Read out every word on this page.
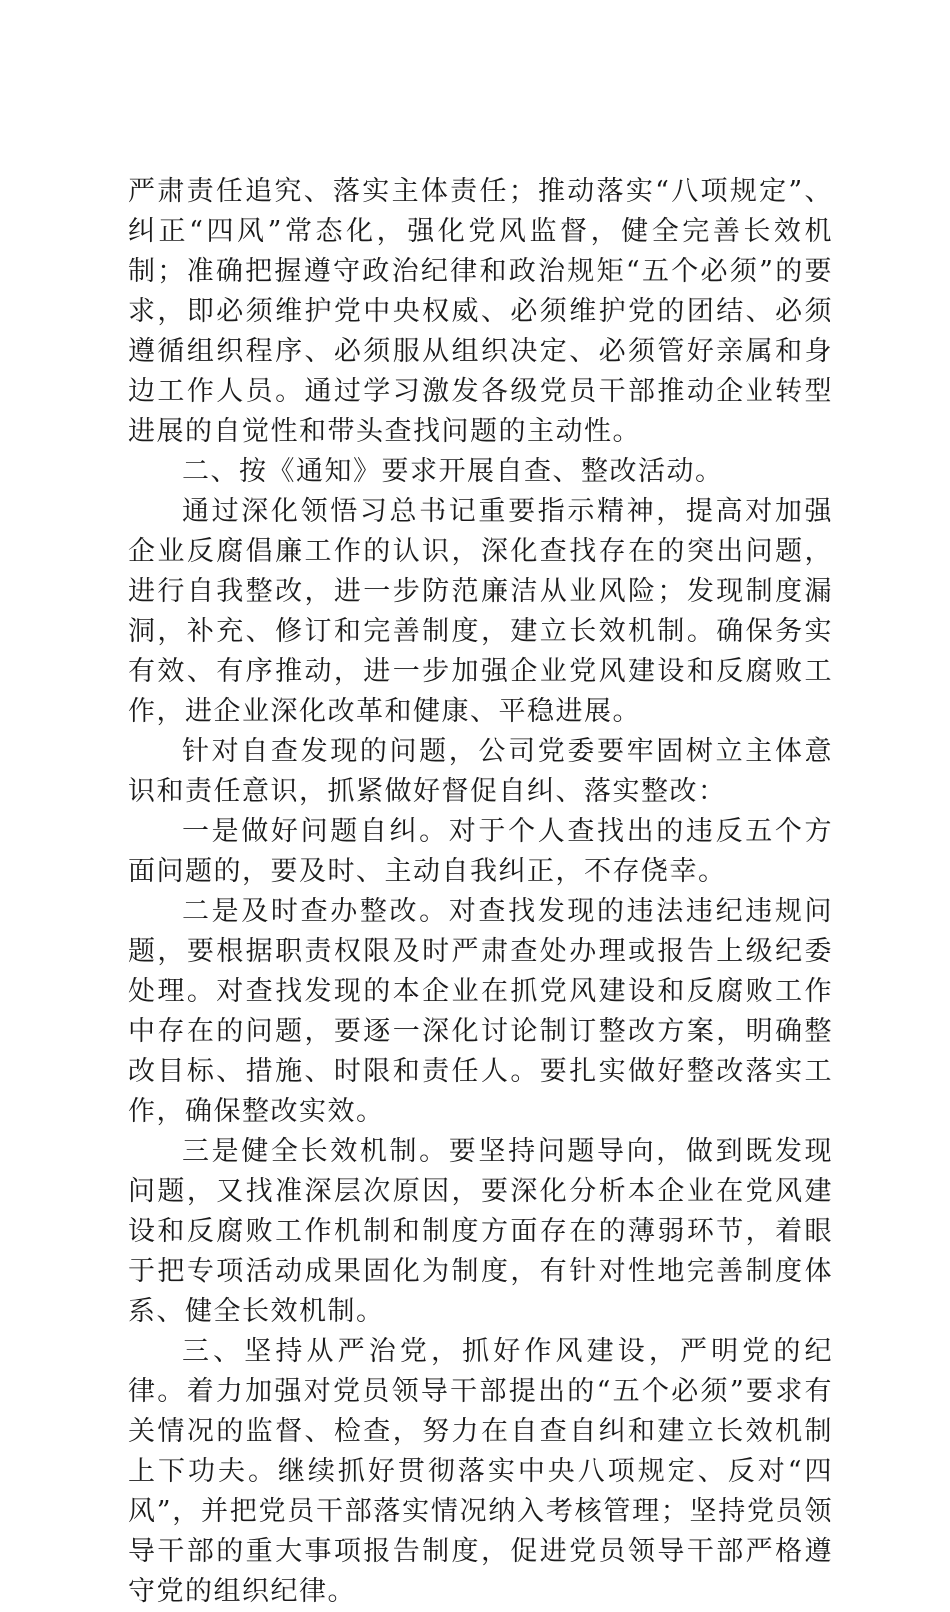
严肃责任追究、落实主体责任；推动落实“八项规定”、纠正“四风”常态化，强化党风监督，健全完善长效机制；准确把握遵守政治纪律和政治规矩“五个必须”的要求，即必须维护党中央权威、必须维护党的团结、必须遵循组织程序、必须服从组织决定、必须管好亲属和身边工作人员。通过学习激发各级党员干部推动企业转型进展的自觉性和带头查找问题的主动性。

二、按《通知》要求开展自查、整改活动。

通过深化领悟习总书记重要指示精神，提高对加强企业反腐倡廉工作的认识，深化查找存在的突出问题，进行自我整改，进一步防范廉洁从业风险；发现制度漏洞，补充、修订和完善制度，建立长效机制。确保务实有效、有序推动，进一步加强企业党风建设和反腐败工作，进企业深化改革和健康、平稳进展。

针对自查发现的问题，公司党委要牢固树立主体意识和责任意识，抓紧做好督促自纠、落实整改：

一是做好问题自纠。对于个人查找出的违反五个方面问题的，要及时、主动自我纠正，不存侥幸。

二是及时查办整改。对查找发现的违法违纪违规问题，要根据职责权限及时严肃查处办理或报告上级纪委处理。对查找发现的本企业在抓党风建设和反腐败工作中存在的问题，要逐一深化讨论制订整改方案，明确整改目标、措施、时限和责任人。要扎实做好整改落实工作，确保整改实效。

三是健全长效机制。要坚持问题导向，做到既发现问题，又找准深层次原因，要深化分析本企业在党风建设和反腐败工作机制和制度方面存在的薄弱环节，着眼于把专项活动成果固化为制度，有针对性地完善制度体系、健全长效机制。

三、坚持从严治党，抓好作风建设，严明党的纪律。着力加强对党员领导干部提出的“五个必须”要求有关情况的监督、检查，努力在自查自纠和建立长效机制上下功夫。继续抓好贯彻落实中央八项规定、反对“四风”，并把党员干部落实情况纳入考核管理；坚持党员领导干部的重大事项报告制度，促进党员领导干部严格遵守党的组织纪律。
